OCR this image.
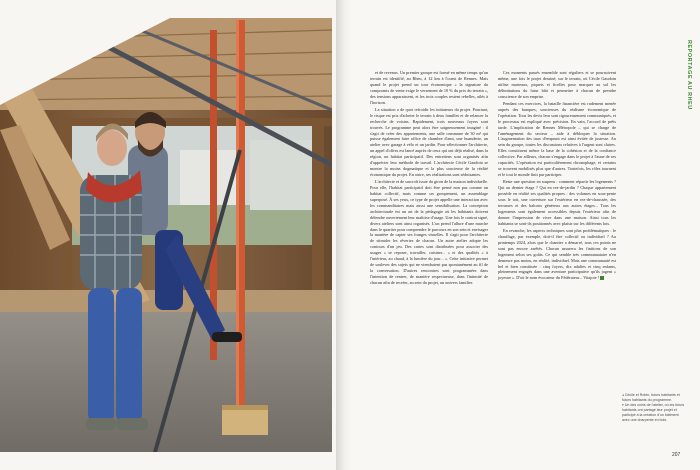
et de revenus. Un premier groupe est formé en même temps qu'un terrain est identifié, au Rheu, à 12 km à l'ouest de Rennes. Mais quand le projet prend un tour économique « la signature du compromis de vente exige le versement de 10 % du prix du terrain », des tensions apparaissent, et les trois couples restent rebelles, ailés à l'horizon.

La situation a de quoi refroidir les initiateurs du projet. Pourtant, le risque est pris d'acheter le terrain à deux familles et de relancer la recherche de voisins. Rapidement, trois nouveaux foyers sont trouvés. Le programme peut alors être soigneusement imaginé : il s'agit de créer des appartements, une salle commune de 30 m² qui puisse également faire office de chambre d'ami, une buanderie, un atelier avec garage à vélo et un jardin. Pour sélectionner l'architecte, un appel d'offres est lancé auprès de ceux qui ont déjà réalisé, dans la région, un habitat participatif. Des entretiens sont organisés afin d'apprécier leur méthode de travail. L'architecte Cécile Gaudoin se montre la moins dogmatique et la plus soucieuse de la réalité économique du projet. En outre, ses réalisations sont séduisantes.

L'architecte et de surcroît issue du giron de la maison individuelle. Pour elle, l'habitat participatif doit être pensé non pas comme un habitat collectif, mais comme un groupement, un assemblage superposé. À ses yeux, ce type de projet appelle une interaction avec les commanditaires mais aussi une sensibilisation. La conception architecturale est un art de la pédagogie où les habitants doivent défendre ouvertement leur maîtrise d'usage. Une fois le contrat signé, divers ateliers sont ainsi organisés. L'un prend l'allure d'une marche dans le quartier pour comprendre le parcours en son sein et envisager la manière de capter ses franges visuelles. Il s'agit pour l'architecte de stimuler les rêveries de chacun. Un autre atelier adopte les contours d'un jeu. Des cartes sont distribuées pour associer des usages « se reposer, travailler, cuisiner... » et des qualités « à l'intérieur, au chaud, à la lumière du jour... ». Cette initiative permet de soulever des sujets qui ne viendraient pas spontanément au fil de la conversation. D'autres rencontres sont programmées dans l'intention de rentrer, de manière respectueuse, dans l'intimité de chacun afin de recréer, au sein du projet, un univers familier.

Ces moments passés ensemble sont réguliers et se poursuivent même, une fois le projet dessiné, sur le terrain, où Cécile Gaudoin utilise marteaux, piquets et ficelles pour marquer au sol les délimitations du futur bâti et permettre à chacun de prendre conscience de son emprise.

Pendant ces exercices, la bataille financière est rudement menée auprès des banques, soucieuses du réalisme économique de l'opération. Tous les devis leur sont rigoureusement communiqués, et le processus est expliqué avec précision. En vain, l'accord de prêts tarde. L'implication de Rennes Métropole – qui se charge de l'aménagement du secteur – aide à débloquer la situation. L'augmentation des taux d'emprunt est ainsi évitée de justesse. Au sein du groupe, toutes les discussions relatives à l'argent sont claires. Elles constituent même la base de la cohésion et de la confiance collective. Par ailleurs, chacun s'engage dans le projet à l'aune de ses capacités. L'opération est particulièrement chronophage, et certains se trouvent mobilisés plus que d'autres. Toutefois, les rôles tournent et le tout le monde finit par participer.

Reste une question en suspens : comment répartir les logements ? Qui au dernier étage ? Qui en rez-de-jardin ? Chaque appartement possède en réalité ses qualités propres : des volumes en sous-pente sous le toit, une ouverture sur l'extérieur en rez-de-chaussée, des terrasses et des balcons généreux aux autres étages... Tous les logements sont également accessibles depuis l'extérieur afin de donner l'impression de vivre dans une maison. Ainsi tous les habitants se sont-ils positionnés avec plaisir sur les différents lots.

En revanche, les aspects techniques sont plus problématiques : le chauffage, par exemple, doit-il être collectif ou individuel ? Au printemps 2024, alors que le chantier a démarré, tous ces points ne sont pas encore arrêtés. Chacun assurera les finitions de son logement selon ses goûts. Ce qui semble très communautaire n'en demeure pas moins, en réalité, individuel. Mais une communauté est bel et bien constituée : cinq foyers, dix adultes et cinq enfants, pleinement engagés dans une aventure participative qu'ils jugent « joyeuse ». D'où le nom évocateur du Fédérateur... Vitajoie !

REPORTAGE AU RHEU
◂ Cécile et Robin, futurs habitants et futurs habitants du programme.
▾ Un des coins de l'atelier, où les futurs habitants ont partagé leur projet et participé à la création d'un bâtiment avec une charpente en bois.
207
